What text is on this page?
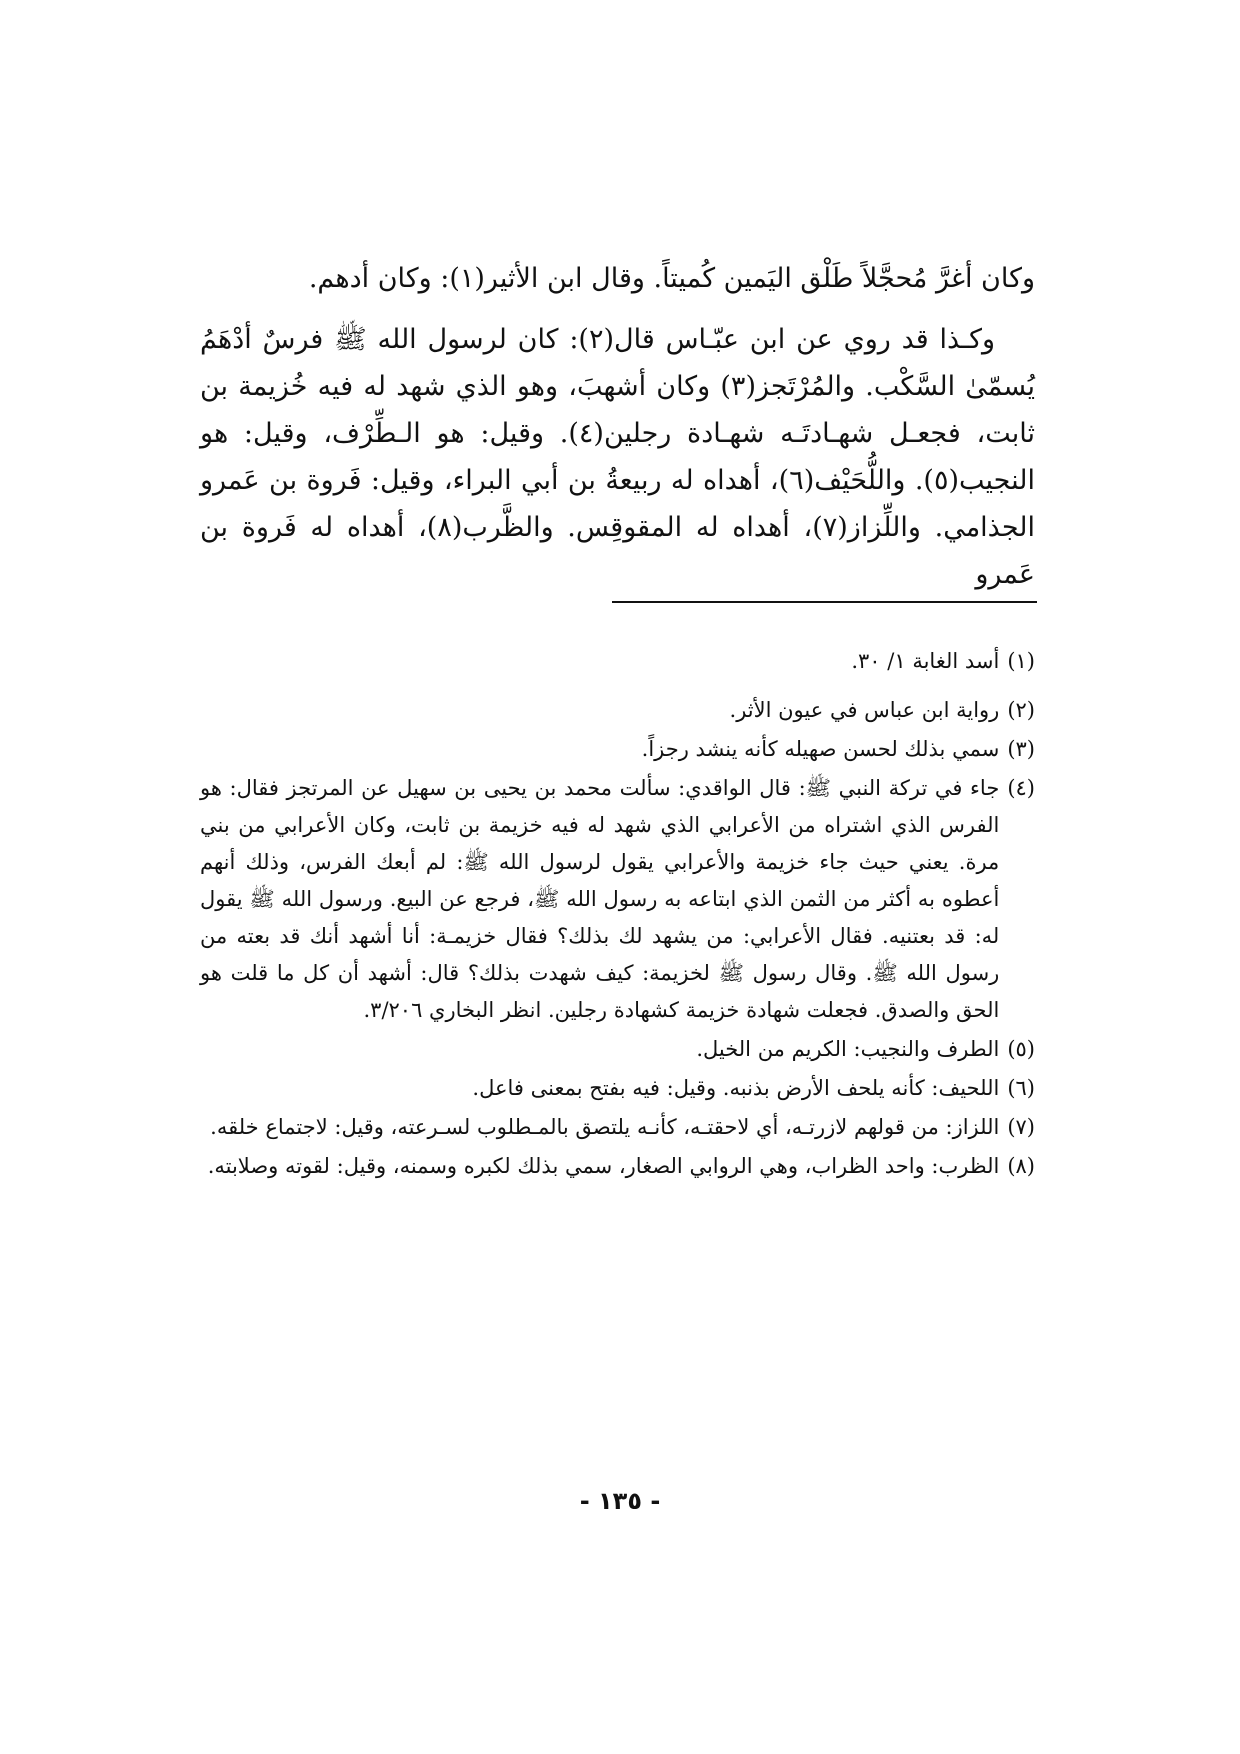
وكان أغرَّ مُحجَّلاً طَلْق اليَمين كُميتاً. وقال ابن الأثير(١): وكان أدهم.

وكـذا قد روي عن ابن عبّـاس قال(٢): كان لرسول الله ﷺ فرسٌ أدْهَمُ يُسمّىٰ السَّكْب. والمُرْتَجز(٣) وكان أشهبَ، وهو الذي شهد له فيه خُزيمة بن ثابت، فجعـل شهـادتَـه شهـادة رجلين(٤). وقيل: هو الـطِّرْف، وقيل: هو النجيب(٥). واللُّحَيْف(٦)، أهداه له ربيعةُ بن أبي البراء، وقيل: فَروة بن عَمرو الجذامي. واللِّزاز(٧)، أهداه له المقوقِس. والظَّرب(٨)، أهداه له فَروة بن عَمرو

(١)
أسد الغابة ١/ ٣٠.
(٢)
رواية ابن عباس في عيون الأثر.
(٣)
سمي بذلك لحسن صهيله كأنه ينشد رجزاً.
(٤)
جاء في تركة النبي ﷺ: قال الواقدي: سألت محمد بن يحيى بن سهيل عن المرتجز فقال: هو الفرس الذي اشتراه من الأعرابي الذي شهد له فيه خزيمة بن ثابت، وكان الأعرابي من بني مرة. يعني حيث جاء خزيمة والأعرابي يقول لرسول الله ﷺ: لم أبعك الفرس، وذلك أنهم أعطوه به أكثر من الثمن الذي ابتاعه به رسول الله ﷺ، فرجع عن البيع. ورسول الله ﷺ يقول له: قد بعتنيه. فقال الأعرابي: من يشهد لك بذلك؟ فقال خزيمـة: أنا أشهد أنك قد بعته من رسول الله ﷺ. وقال رسول ﷺ لخزيمة: كيف شهدت بذلك؟ قال: أشهد أن كل ما قلت هو الحق والصدق. فجعلت شهادة خزيمة كشهادة رجلين. انظر البخاري ٣/٢٠٦.
(٥)
الطرف والنجيب: الكريم من الخيل.
(٦)
اللحيف: كأنه يلحف الأرض بذنبه. وقيل: فيه بفتح بمعنى فاعل.
(٧)
اللزاز: من قولهم لازرتـه، أي لاحقتـه، كأنـه يلتصق بالمـطلوب لسـرعته، وقيل: لاجتماع خلقه.
(٨)
الظرب: واحد الظراب، وهي الروابي الصغار، سمي بذلك لكبره وسمنه، وقيل: لقوته وصلابته.
- ١٣٥ -
